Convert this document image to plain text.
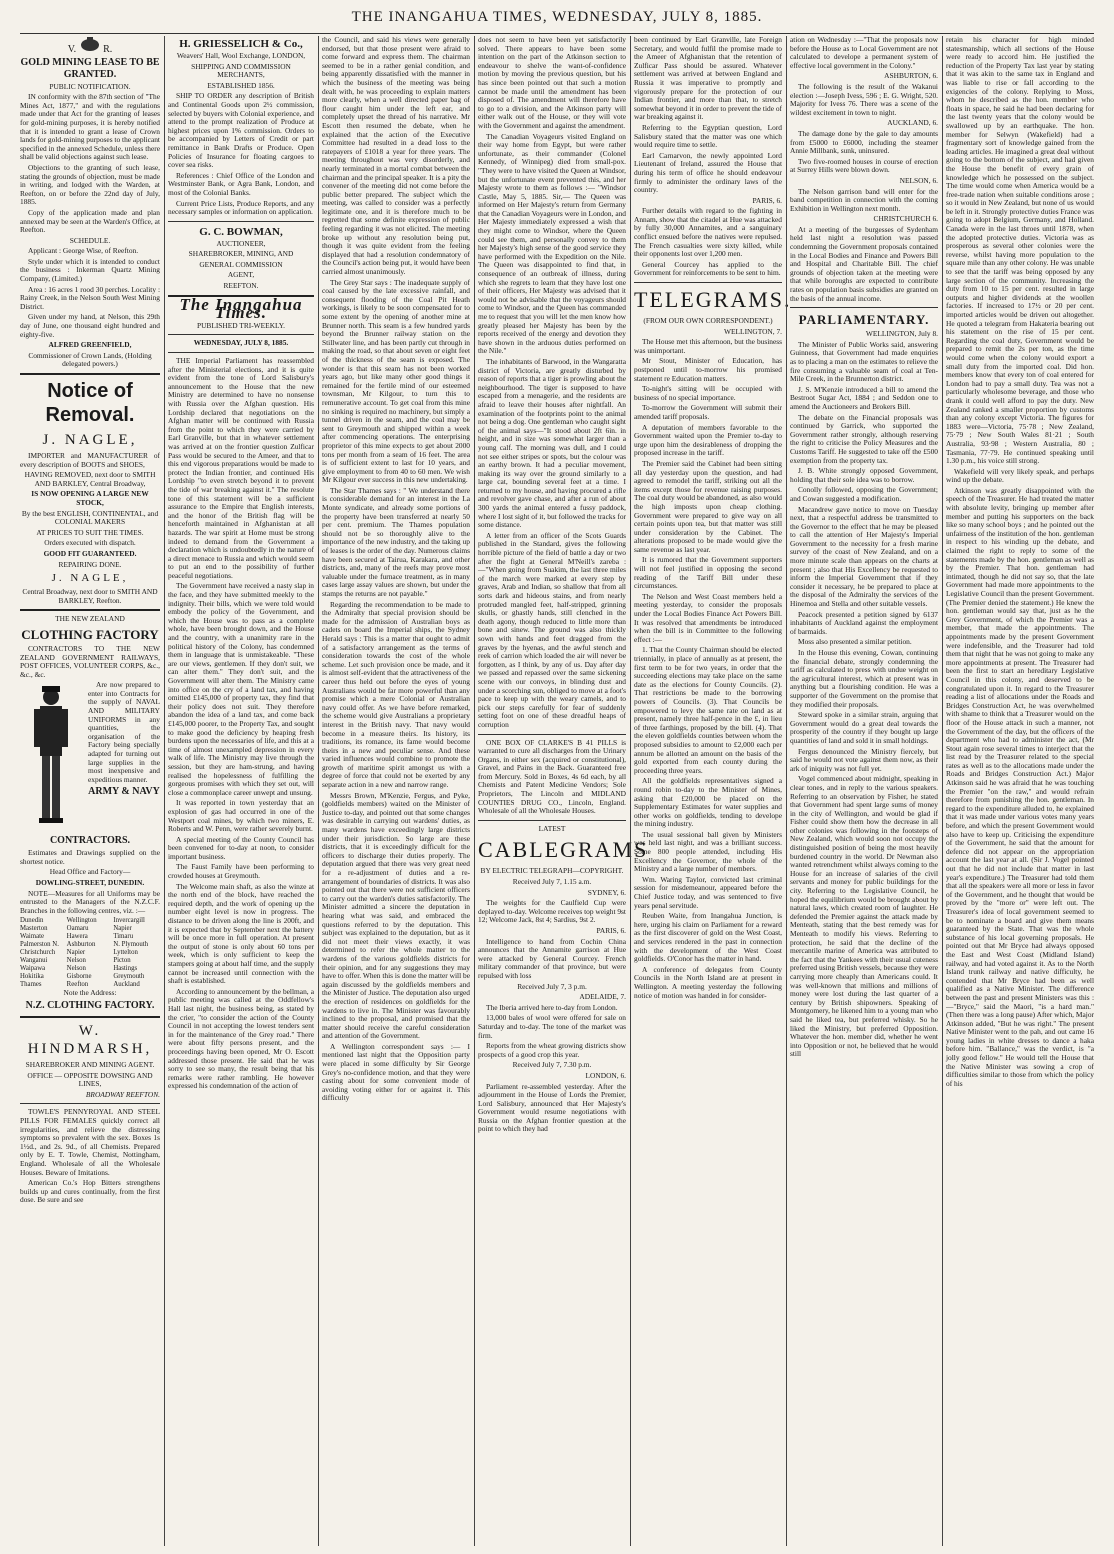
THE INANGAHUA TIMES, WEDNESDAY, JULY 8, 1885.
V.	R.
GOLD MINING LEASE TO BE GRANTED.

PUBLIC NOTIFICATION.

IN conformity with the 87th section of "The Mines Act, 1877," and with the regulations made under that Act for the granting of leases for gold-mining purposes, it is hereby notified that it is intended to grant a lease of Crown lands for gold-mining purposes to the applicant specified in the annexed Schedule, unless there shall be valid objections against such lease.

Objections to the granting of such lease, stating the grounds of objection, must be made in writing, and lodged with the Warden, at Reefton, on or before the 22nd day of July, 1885.

Copy of the application made and plan annexed may be seen at the Warden's Office, at Reefton.

SCHEDULE.

Applicant : George Wise, of Reefton.

Style under which it is intended to conduct the business : Inkerman Quartz Mining Company, (Limited.)

Area : 16 acres 1 rood 30 perches. Locality : Rainy Creek, in the Nelson South West Mining District.

Given under my hand, at Nelson, this 29th day of June, one thousand eight hundred and eighty-five.

ALFRED GREENFIELD,

Commissioner of Crown Lands, (Holding delegated powers.)

Notice of Removal.
J. NAGLE,

IMPORTER and MANUFACTURER of every description of BOOTS and SHOES,

HAVING REMOVED, next door to SMITH AND BARKLEY, Central Broadway,

IS NOW OPENING A LARGE NEW STOCK,

By the best ENGLISH, CONTINENTAL, and COLONIAL MAKERS

AT PRICES TO SUIT THE TIMES.

Orders executed with dispatch.

GOOD FIT GUARANTEED.

REPAIRING DONE.

J. NAGLE,

Central Broadway, next door to SMITH AND BARKLEY, Reefton.

THE NEW ZEALAND

CLOTHING FACTORY

CONTRACTORS TO THE NEW ZEALAND GOVERNMENT RAILWAYS, POST OFFICES, VOLUNTEER CORPS, &c., &c., &c.

Are now prepared to enter into Contracts for the supply of NAVAL AND MILITARY UNIFORMS in any quantities, the organisation of the Factory being specially adapted for turning out large supplies in the most inexpensive and expeditious manner.

ARMY & NAVY CONTRACTORS.

Estimates and Drawings supplied on the shortest notice.

Head Office and Factory—

DOWLING-STREET, DUNEDIN.

NOTE—Measures for all Uniforms may be entrusted to the Managers of the N.Z.C.F. Branches in the following centres, viz. :—

Dunedin	Wellington	Invercargill
Masterton	Oamaru	Napier
Waimate	Hawera	Timaru
Palmerston N.	Ashburton	N. Plymouth
Christchurch	Napier	Lyttelton
Wanganui	Nelson	Picton
Waipawa	Nelson	Hastings
Hokitika	Gisborne	Greymouth
Thames	Reefton	Auckland

Note the Address:

N.Z. CLOTHING FACTORY.
W. HINDMARSH,

SHAREBROKER AND MINING AGENT.

OFFICE — OPPOSITE DOWSING AND LINES,

BROADWAY REEFTON.

TOWLE'S PENNYROYAL AND STEEL PILLS FOR FEMALES quickly correct all irregularities, and relieve the distressing symptoms so prevalent with the sex. Boxes 1s 1½d., and 2s. 9d., of all Chemists. Prepared only by E. T. Towle, Chemist, Nottingham, England. Wholesale of all the Wholesale Houses. Beware of Imitations.

American Co.'s Hop Bitters strengthens builds up and cures continually, from the first dose. Be sure and see

H. GRIESSELICH & Co.,

Weavers' Hall, Wool Exchange, LONDON,

SHIPPING AND COMMISSION MERCHANTS,

ESTABLISHED 1856.

SHIP TO ORDER any description of British and Continental Goods upon 2½ commission, selected by buyers with Colonial experience, and attend to the prompt realization of Produce at highest prices upon 1% commission. Orders to be accompanied by Letters of Credit or part remittance in Bank Drafts or Produce. Open Policies of Insurance for floating cargoes to cover sea risks.

References : Chief Office of the London and Westminster Bank, or Agra Bank, London, and most of the Colonial Banks.

Current Price Lists, Produce Reports, and any necessary samples or information on application.

G. C. BOWMAN,

AUCTIONEER,

SHAREBROKER, MINING, AND

GENERAL COMMISSION

AGENT,

REEFTON.

The Inangahua Times.

PUBLISHED TRI-WEEKLY.

WEDNESDAY, JULY 8, 1885.

THE Imperial Parliament has reassembled after the Ministerial elections, and it is quite evident from the tone of Lord Salisbury's announcement to the House that the new Ministry are determined to have no nonsense with Russia over the Afghan question. His Lordship declared that negotiations on the Afghan matter will be continued with Russia from the point to which they were carried by Earl Granville, but that in whatever settlement was arrived at on the frontier question Zulficar Pass would be secured to the Ameer, and that to this end vigorous preparations would be made to protect the Indian frontier, and continued His Lordship "to even stretch beyond it to prevent the tide of war breaking against it." The resolute tone of this statement will be a sufficient assurance to the Empire that English interests, and the honor of the British flag will be henceforth maintained in Afghanistan at all hazards. The war spirit at Home must be strong indeed to demand from the Government a declaration which is undoubtedly in the nature of a direct menace to Russia and which would seem to put an end to the possibility of further peaceful negotiations.

The Government have received a nasty slap in the face, and they have submitted meekly to the indignity. Their bills, which we were told would embody the policy of the Government, and which the House was to pass as a complete whole, have been brought down, and the House and the country, with a unanimity rare in the political history of the Colony, has condemned them in language that is unmistakeable. "These are our views, gentlemen. If they don't suit, we can alter them." They don't suit, and the Government will alter them. The Ministry came into office on the cry of a land tax, and having omitted £145,000 of property tax, they find that their policy does not suit. They therefore abandon the idea of a land tax, and come back £145,000 poorer, to the Property Tax, and sought to make good the deficiency by heaping fresh burdens upon the necessaries of life, and this at a time of almost unexampled depression in every walk of life. The Ministry may live through the session, but they are ham-strung, and having realised the hopelessness of fulfilling the gorgeous promises with which they set out, will close a commonplace career unwept and unsung.

It was reported in town yesterday that an explosion of gas had occurred in one of the Westport coal mines, by which two miners, E. Roberts and W. Penn, were rather severely burnt.

A special meeting of the County Council has been convened for to-day at noon, to consider important business.

The Faust Family have been performing to crowded houses at Greymouth.

The Welcome main shaft, as also the winze at the north end of the block, have reached the required depth, and the work of opening up the number eight level is now in progress. The distance to be driven along the line is 200ft, and it is expected that by September next the battery will be once more in full operation. At present the output of stone is only about 60 tons per week, which is only sufficient to keep the stampers going at about half time, and the supply cannot be increased until connection with the shaft is established.

According to announcement by the bellman, a public meeting was called at the Oddfellow's Hall last night, the business being, as stated by the crier, "to consider the action of the County Council in not accepting the lowest tenders sent in for the maintenance of the Grey road." There were about fifty persons present, and the proceedings having been opened, Mr O. Escott addressed those present. He said that he was sorry to see so many, the result being that his remarks were rather rambling. He however expressed his condemnation of the action of

the Council, and said his views were generally endorsed, but that those present were afraid to come forward and express them. The chairman seemed to be in a rather genial condition, and being apparently dissatisfied with the manner in which the business of the meeting was being dealt with, he was proceeding to explain matters more clearly, when a well directed paper bag of flour caught him under the left ear, and completely upset the thread of his narrative. Mr Escott then resumed the debate, when he explained that the action of the Executive Committee had resulted in a dead loss to the ratepayers of £1018 a year for three years. The meeting throughout was very disorderly, and nearly terminated in a mortal combat between the chairman and the principal speaker. It is a pity the convener of the meeting did not come before the public better prepared. The subject which the meeting, was called to consider was a perfectly legitimate one, and it is therefore much to be regretted that some definite expression of public feeling regarding it was not elicited. The meeting broke up without any resolution being put, though it was quite evident from the feeling displayed that had a resolution condemnatory of the Council's action being put, it would have been carried almost unanimously.

The Grey Star says : The inadequate supply of coal caused by the late excessive rainfall, and consequent flooding of the Coal Pit Heath workings, is likely to be soon compensated for to some extent by the opening of another mine at Brunner north. This seam is a few hundred yards beyond the Brunner railway station on the Stillwater line, and has been partly cut through in making the road, so that about seven or eight feet of the thickness of the seam is exposed. The wonder is that this seam has not been worked years ago, but like many other good things it remained for the fertile mind of our esteemed townsman, Mr Kilgour, to turn this to remunerative account. To get coal from this mine no sinking is required no machinery, but simply a tunnel driven in the seam, and the coal may be sent to Greymouth and shipped within a week after commencing operations. The enterprising proprietor of this mine expects to get about 2000 tons per month from a seam of 16 feet. The area is of sufficient extent to last for 10 years, and give employment to from 40 to 60 men. We wish Mr Kilgour ever success in this new undertaking.

The Star Thames says : " We understand there is considerable demand for an interest in the La Monte syndicate, and already some portions of the property have been transferred at nearly 50 per cent. premium. The Thames population should not be so thoroughly alive to the importance of the new industry, and the taking up of leases is the order of the day. Numerous claims have been secured at Tairua, Karakara, and other districts, and, many of the reefs may prove most valuable under the furnace treatment, as in many cases large assay values are shown, but under the stamps the returns are not payable."

Regarding the recommendation to be made to the Admiralty that special provision should be made for the admission of Australian boys as cadets on board the Imperial ships, the Sydney Herald says : This is a matter that ought to admit of a satisfactory arrangement as the terms of consideration towards the cost of the whole scheme. Let such provision once be made, and it is almost self-evident that the attractiveness of the career thus held out before the eyes of young Australians would be far more powerful than any promise which a mere Colonial or Australian navy could offer. As we have before remarked, the scheme would give Australians a proprietary interest in the British navy. That navy would become in a measure theirs. Its history, its traditions, its romance, its fame would become theirs in a new and peculiar sense. And these varied influences would combine to promote the growth of maritime spirit amongst us with a degree of force that could not be exerted by any separate action in a new and narrow range.

Messrs Brown, M'Kenzie, Fergus, and Pyke, (goldfields members) waited on the Minister of Justice to-day, and pointed out that some changes was desirable in carrying out wardens' duties, as many wardens have exceedingly large districts under their jurisdiction. So large are these districts, that it is exceedingly difficult for the officers to discharge their duties properly. The deputation argued that there was very great need for a re-adjustment of duties and a re-arrangement of boundaries of districts. It was also pointed out that there were not sufficient officers to carry out the warden's duties satisfactorily. The Minister admitted a sincere the deputation in hearing what was said, and embraced the questions referred to by the deputation. This subject was explained to the deputation, but as it did not meet their views exactly, it was determined to refer the whole matter to the wardens of the various goldfields districts for their opinion, and for any suggestions they may have to offer. When this is done the matter will be again discussed by the goldfields members and the Minister of Justice. The deputation also urged the erection of residences on goldfields for the wardens to live in. The Minister was favourably inclined to the proposal, and promised that the matter should receive the careful consideration and attention of the Government.

A Wellington correspondent says :— I mentioned last night that the Opposition party were placed in some difficulty by Sir George Grey's no-confidence motion, and that they were casting about for some convenient mode of avoiding voting either for or against it. This difficulty

does not seem to have been yet satisfactorily solved. There appears to have been some intention on the part of the Atkinson section to endeavour to shelve the want-of-confidence motion by moving the previous question, but his has since been pointed out that such a motion cannot be made until the amendment has been disposed of. The amendment will therefore have to go to a division, and the Atkinson party will either walk out of the House, or they will vote with the Government and against the amendment.

The Canadian Voyageurs visited England on their way home from Egypt, but were rather unfortunate, as their commander (Colonel Kennedy, of Winnipeg) died from small-pox. "They were to have visited the Queen at Windsor, but the unfortunate event prevented this, and her Majesty wrote to them as follows :— "Windsor Castle, May 5, 1885. Sir,— The Queen was informed on Her Majesty's return from Germany that the Canadian Voyageurs were in London, and Her Majesty immediately expressed a wish that they might come to Windsor, where the Queen could see them, and personally convey to them her Majesty's high sense of the good service they have performed with the Expedition on the Nile. The Queen was disappointed to find that, in consequence of an outbreak of illness, during which she regrets to learn that they have lost one of their officers, Her Majesty was advised that it would not be advisable that the voyageurs should come to Windsor, and the Queen has commanded me to request that you will let the men know how greatly pleased her Majesty has been by the reports received of the energy and devotion they have shown in the arduous duties performed on the Nile."

The inhabitants of Barwood, in the Wangaratta district of Victoria, are greatly disturbed by reason of reports that a tiger is prowling about the neighbourhood. The tiger is supposed to have escaped from a menagerie, and the residents are afraid to leave their houses after nightfall. An examination of the footprints point to the animal not being a dog. One gentleman who caught sight of the animal says—"It stood about 2ft 6in. in height, and in size was somewhat larger than a young calf. The morning was dull, and I could not see either stripes or spots, but the colour was an earthy brown. It had a peculiar movement, making its way over the ground similarly to a large cat, bounding several feet at a time. I returned to my house, and having procured a rifle and revolver gave chase, and after a run of about 300 yards the animal entered a fussy paddock, where I lost sight of it, but followed the tracks for some distance.

A letter from an officer of the Scots Guards published in the Standard, gives the following horrible picture of the field of battle a day or two after the fight at General M'Neill's zareba :—"When going from Suakim, the last three miles of the march were marked at every step by graves, Arab and Indian, so shallow that from all sorts dark and hideous stains, and from nearly protruded mangled feet, half-stripped, grinning skulls, or ghastly hands, still clenched in the death agony, though reduced to little more than bone and sinew. The ground was also thickly sown with hands and feet dragged from the graves by the hyenas, and the awful stench and reek of carrion which loaded the air will never be forgotten, as I think, by any of us. Day after day we passed and repassed over the same sickening scene with our convoys, in blinding dust and under a scorching sun, obliged to move at a foot's pace to keep up with the weary camels, and to pick our steps carefully for fear of suddenly setting foot on one of these dreadful heaps of corruption

ONE BOX OF CLARKE'S B 41 PILLS is warranted to cure all discharges from the Urinary Organs, in either sex (acquired or constitutional), Gravel, and Pains in the Back. Guaranteed free from Mercury. Sold in Boxes, 4s 6d each, by all Chemists and Patent Medicine Vendors; Sole Proprietors, The Lincoln and MIDLAND COUNTIES DRUG CO., Lincoln, England. Wholesale of all the Wholesale Houses.

LATEST

CABLEGRAMS

BY ELECTRIC TELEGRAPH—COPYRIGHT.

Received July 7, 1.15 a.m.

SYDNEY, 6.

The weights for the Caulfield Cup were deplayed to-day. Welcome receives top weight 9st 12; Welcome Jack, 8st 4; Sardius, 9st 2.

PARIS, 6.

Intelligence to hand from Cochin China announces that the Annamite garrison at Hue were attacked by General Courcey. French military commander of that province, but were repulsed with loss

Received July 7, 3 p.m.

ADELAIDE, 7.

The Iberia arrived here to-day from London.

13,000 bales of wool were offered for sale on Saturday and to-day. The tone of the market was firm.

Reports from the wheat growing districts show prospects of a good crop this year.

Received July 7, 7.30 p.m.

LONDON, 6.

Parliament re-assembled yesterday. After the adjournment in the House of Lords the Premier, Lord Salisbury, announced that Her Majesty's Government would resume negotiations with Russia on the Afghan frontier question at the point to which they had

been continued by Earl Granville, late Foreign Secretary, and would fulfil the promise made to the Ameer of Afghanistan that the retention of Zulficar Pass should be assured. Whatever settlement was arrived at between England and Russia it was imperative to promptly and vigorously prepare for the protection of our Indian frontier, and more than that, to stretch somewhat beyond it in order to prevent the tide of war breaking against it.

Referring to the Egyptian question, Lord Salisbury stated that the matter was one which would require time to settle.

Earl Carnarvon, the newly appointed Lord Lieutenant of Ireland, assured the House that during his term of office he should endeavour firmly to administer the ordinary laws of the country.

PARIS, 6.

Further details with regard to the fighting in Annam, show that the citadel at Hue was attacked by fully 30,000 Annamites, and a sanguinary conflict ensued before the natives were repulsed. The French casualties were sixty killed, while their opponents lost over 1,200 men.

General Courcey has applied to the Government for reinforcements to be sent to him.

TELEGRAMS.

(FROM OUR OWN CORRESPONDENT.)

WELLINGTON, 7.

The House met this afternoon, but the business was unimportant.

Mr Stout, Minister of Education, has postponed until to-morrow his promised statement re Education matters.

To-night's sitting will be occupied with business of no special importance.

To-morrow the Government will submit their amended tariff proposals.

A deputation of members favorable to the Government waited upon the Premier to-day to urge upon him the desirableness of dropping the proposed increase in the tariff.

The Premier said the Cabinet had been sitting all day yesterday upon the question, and had agreed to remodel the tariff, striking out all the items except those for revenue raising purposes. The coal duty would be abandoned, as also would the high imposts upon cheap clothing. Government were prepared to give way on all certain points upon tea, but that matter was still under consideration by the Cabinet. The alterations proposed to be made would give the same revenue as last year.

It is rumored that the Government supporters will not feel justified in opposing the second reading of the Tariff Bill under these circumstances.

The Nelson and West Coast members held a meeting yesterday, to consider the proposals under the Local Bodies Finance Act Powers Bill. It was resolved that amendments be introduced when the bill is in Committee to the following effect :—

1. That the County Chairman should be elected triennially, in place of annually as at present, the first term to be for two years, in order that the succeeding elections may take place on the same date as the elections for County Councils. (2). That restrictions be made to the borrowing powers of Councils. (3). That Councils be empowered to levy the same rate on land as at present, namely three half-pence in the £, in lieu of three farthings, proposed by the bill. (4). That the eleven goldfields counties between whom the proposed subsidies to amount to £2,000 each per annum be allotted an amount on the basis of the gold exported from each county during the proceeding three years.

All the goldfields representatives signed a round robin to-day to the Minister of Mines, asking that £20,000 be placed on the Supplementary Estimates for water supplies and other works on goldfields, tending to develope the mining industry.

The usual sessional ball given by Ministers was held last night, and was a brilliant success. Some 800 people attended, including His Excellency the Governor, the whole of the Ministry and a large number of members.

Wm. Waring Taylor, convicted last criminal session for misdemeanour, appeared before the Chief Justice today, and was sentenced to five years penal servitude.

Reuben Waite, from Inangahua Junction, is here, urging his claim on Parliament for a reward as the first discoverer of gold on the West Coast, and services rendered in the past in connection with the development of the West Coast goldfields. O'Conor has the matter in hand.

A conference of delegates from County Councils in the North Island are at present in Wellington. A meeting yesterday the following notice of motion was handed in for consider-

ation on Wednesday :—"That the proposals now before the House as to Local Government are not calculated to develope a permanent system of effective local government in the Colony."

ASHBURTON, 6.

The following is the result of the Wakanui election :—Joseph Ivess, 596 ; E. G. Wright, 520. Majority for Ivess 76. There was a scene of the wildest excitement in town to night.

AUCKLAND, 6.

The damage done by the gale to day amounts from £5000 to £6000, including the steamer Annie Millbank, sunk, uninsured.

Two five-roomed houses in course of erection at Surrey Hills were blown down.

NELSON, 6.

The Nelson garrison band will enter for the band competition in connection with the coming Exhibition in Wellington next month.

CHRISTCHURCH 6.

At a meeting of the burgesses of Sydenham held last night a resolution was passed condemning the Government proposals contained in the Local Bodies and Finance and Powers Bill and Hospital and Charitable Bill. The chief grounds of objection taken at the meeting were that while boroughs are expected to contribute rates on population basis subsidies are granted on the basis of the annual income.

PARLIAMENTARY.

WELLINGTON, July 8.

The Minister of Public Works said, answering Guinness, that Government had made enquiries as to placing a man on the estimates to relieve the fire consuming a valuable seam of coal at Ten-Mile Creek, in the Brunnerton district.

J. S. M'Kenzie introduced a bill to amend the Bestroot Sugar Act, 1884 ; and Seddon one to amend the Auctioneers and Brokers Bill.

The debate on the Financial proposals was continued by Garrick, who supported the Government rather strongly, although reserving the right to criticise the Policy Measures and the Customs Tariff. He suggested to take off the £500 exemption from the property tax.

J. B. White strongly opposed Government, holding that their sole idea was to borrow.

Conolly followed, opposing the Government; and Cowan suggested a modification.

Macandrew gave notice to move on Tuesday next, that a respectful address be transmitted to the Governor to the effect that he may be pleased to call the attention of Her Majesty's Imperial Government to the necessity for a fresh marine survey of the coast of New Zealand, and on a more minute scale than appears on the charts at present ; also that His Excellency be requested to inform the Imperial Government that if they consider it necessary, he be prepared to place at the disposal of the Admiralty the services of the Hinemoa and Stella and other suitable vessels.

Peacock presented a petition signed by 6137 inhabitants of Auckland against the employment of barmaids.

Moss also presented a similar petition.

In the House this evening, Cowan, continuing the financial debate, strongly condemning the tariff as calculated to press with undue weight on the agricultural interest, which at present was in anything but a flourishing condition. He was a supporter of the Government on the promise that they modified their proposals.

Steward spoke in a similar strain, arguing that Government would do a great deal towards the prosperity of the country if they bought up large quantities of land and sold it in small holdings.

Fergus denounced the Ministry fiercely, but said he would not vote against them now, as their ark of iniquity was not full yet.

Vogel commenced about midnight, speaking in clear tones, and in reply to the various speakers. Referring to an observation by Fisher, he stated that Government had spent large sums of money in the city of Wellington, and would be glad if Fisher could show them how the decrease in all other colonies was following in the footsteps of New Zealand, which would soon not occupy the distinguished position of being the most heavily burdened country in the world. Dr Newman also wanted retrenchment whilst always coming to the House for an increase of salaries of the civil servants and money for public buildings for the city. Referring to the Legislative Council, he hoped the equilibrium would be brought about by natural laws, which created room of laughter. He defended the Premier against the attack made by Menteath, stating that the best remedy was for Menteath to modify his views. Referring to protection, he said that the decline of the mercantile marine of America was attributed to the fact that the Yankees with their usual cuteness preferred using British vessels, because they were carrying more cheaply than Americans could. It was well-known that millions and millions of money were lost during the last quarter of a century by British shipowners. Speaking of Montgomery, he likened him to a young man who said he liked tea, but preferred whisky. So he liked the Ministry, but preferred Opposition. Whatever the hon. member did, whether he went into Opposition or not, he believed that he would still

retain his character for high minded statesmanship, which all sections of the House were ready to accord him. He justified the reduction of the Property Tax last year by stating that it was akin to the same tax in England and was liable to rise or fall according to the exigencies of the colony. Replying to Moss, whom he described as the hon. member who floats in space, he said he had been declaring for the last twenty years that the colony would be swallowed up by an earthquake. The hon. member for Selwyn (Wakefield) had a fragmentary sort of knowledge gained from the leading articles. He imagined a great deal without going to the bottom of the subject, and had given the House the benefit of every grain of knowledge which he possessed on the subject. The time would come when America would be a free-trade nation when suitable conditions arose ; so it would in New Zealand, but none of us would be left in it. Strongly protective duties France was going to adopt Belgium, Germany, and Holland. Canada were in the last throes until 1878, when the adopted protective duties. Victoria was as prosperous as several other colonies were the reverse, whilst having more population to the square mile than any other colony. He was unable to see that the tariff was being opposed by any large section of the community. Increasing the duty from 10 to 15 per cent. resulted in large outputs and higher dividends at the woollen factories. If increased to 17½ or 20 per cent. imported articles would be driven out altogether. He quoted a telegram from Hakateria bearing out his statement on the rise of 15 per cent. Regarding the coal duty, Government would be prepared to remit the 2s per ton, as the time would come when the colony would export a small duty from the imported coal. Did hon. members know that every ton of coal entered for London had to pay a small duty. Tea was not a particularly wholesome beverage, and those who drank it could well afford to pay the duty. New Zealand ranked a smaller proportion by customs than any colony except Victoria. The figures for 1883 were—Victoria, 75·78 ; New Zealand, 75·79 ; New South Wales 81·21 ; South Australia, 93·98 ; Western Australia, 80 ; Tasmania, 77·79. He continued speaking until 1.30 p.m., his voice still strong.

Wakefield will very likely speak, and perhaps wind up the debate.

Atkinson was greatly disappointed with the speech of the Treasurer. He had treated the matter with absolute levity, bringing up member after member and putting his supporters on the back like so many school boys ; and he pointed out the unfairness of the institution of the hon. gentleman in respect to his winding up the debate, and claimed the right to reply to some of the statements made by the hon. gentleman as well as by the Premier. That hon. gentleman had intimated, though he did not say so, that the late Government had made more appointments to the Legislative Council than the present Government. (The Premier denied the statement.) He knew the hon. gentleman would say that, just as he the Grey Government, of which the Premier was a member, that made the appointments. The appointments made by the present Government were indefensible, and the Treasurer had told them that night that he was not going to make any more appointments at present. The Treasurer had been the first to start an hereditary Legislative Council in this colony, and deserved to be congratulated upon it. In regard to the Treasurer reading a list of allocations under the Roads and Bridges Construction Act, he was overwhelmed with shame to think that a Treasurer would on the floor of the House attack in such a manner, not the Government of the day, but the officers of the department who had to administer the act, (Mr Stout again rose several times to interject that the list read by the Treasurer related to the special rates as well as to the allocations made under the Roads and Bridges Construction Act.) Major Atkinson said he was afraid that he was touching the Premier "on the raw," and would refrain therefore from punishing the hon. gentleman. In regard to the expenditure alluded to, he explained that it was made under various votes many years before, and which the present Government would also have to keep up. Criticising the expenditure of the Government, he said that the amount for defence did not appear on the appropriation account the last year at all. (Sir J. Vogel pointed out that he did not include that matter in last year's expenditure.) The Treasurer had told them that all the speakers were all more or less in favor of the Government, and he thought that would be proved by the "more or" were left out. The Treasurer's idea of local government seemed to be to nominate a board and give them means guaranteed by the State. That was the whole substance of his local governing proposals. He pointed out that Mr Bryce had always opposed the East and West Coast (Midland Island) railway, and had voted against it. As to the North Island trunk railway and native difficulty, he contended that Mr Bryce had been as well qualified as a Native Minister. The difference between the past and present Ministers was this :—"Bryce," said the Maori, "is a hard man." (Then there was a long pause) After which, Major Atkinson added, "But he was right." The present Native Minister went to the pah, and out came 16 young ladies in white dresses to dance a haka before him. "Ballance," was the verdict, is "a jolly good fellow." He would tell the House that the Native Minister was sowing a crop of difficulties similar to those from which the policy of his
